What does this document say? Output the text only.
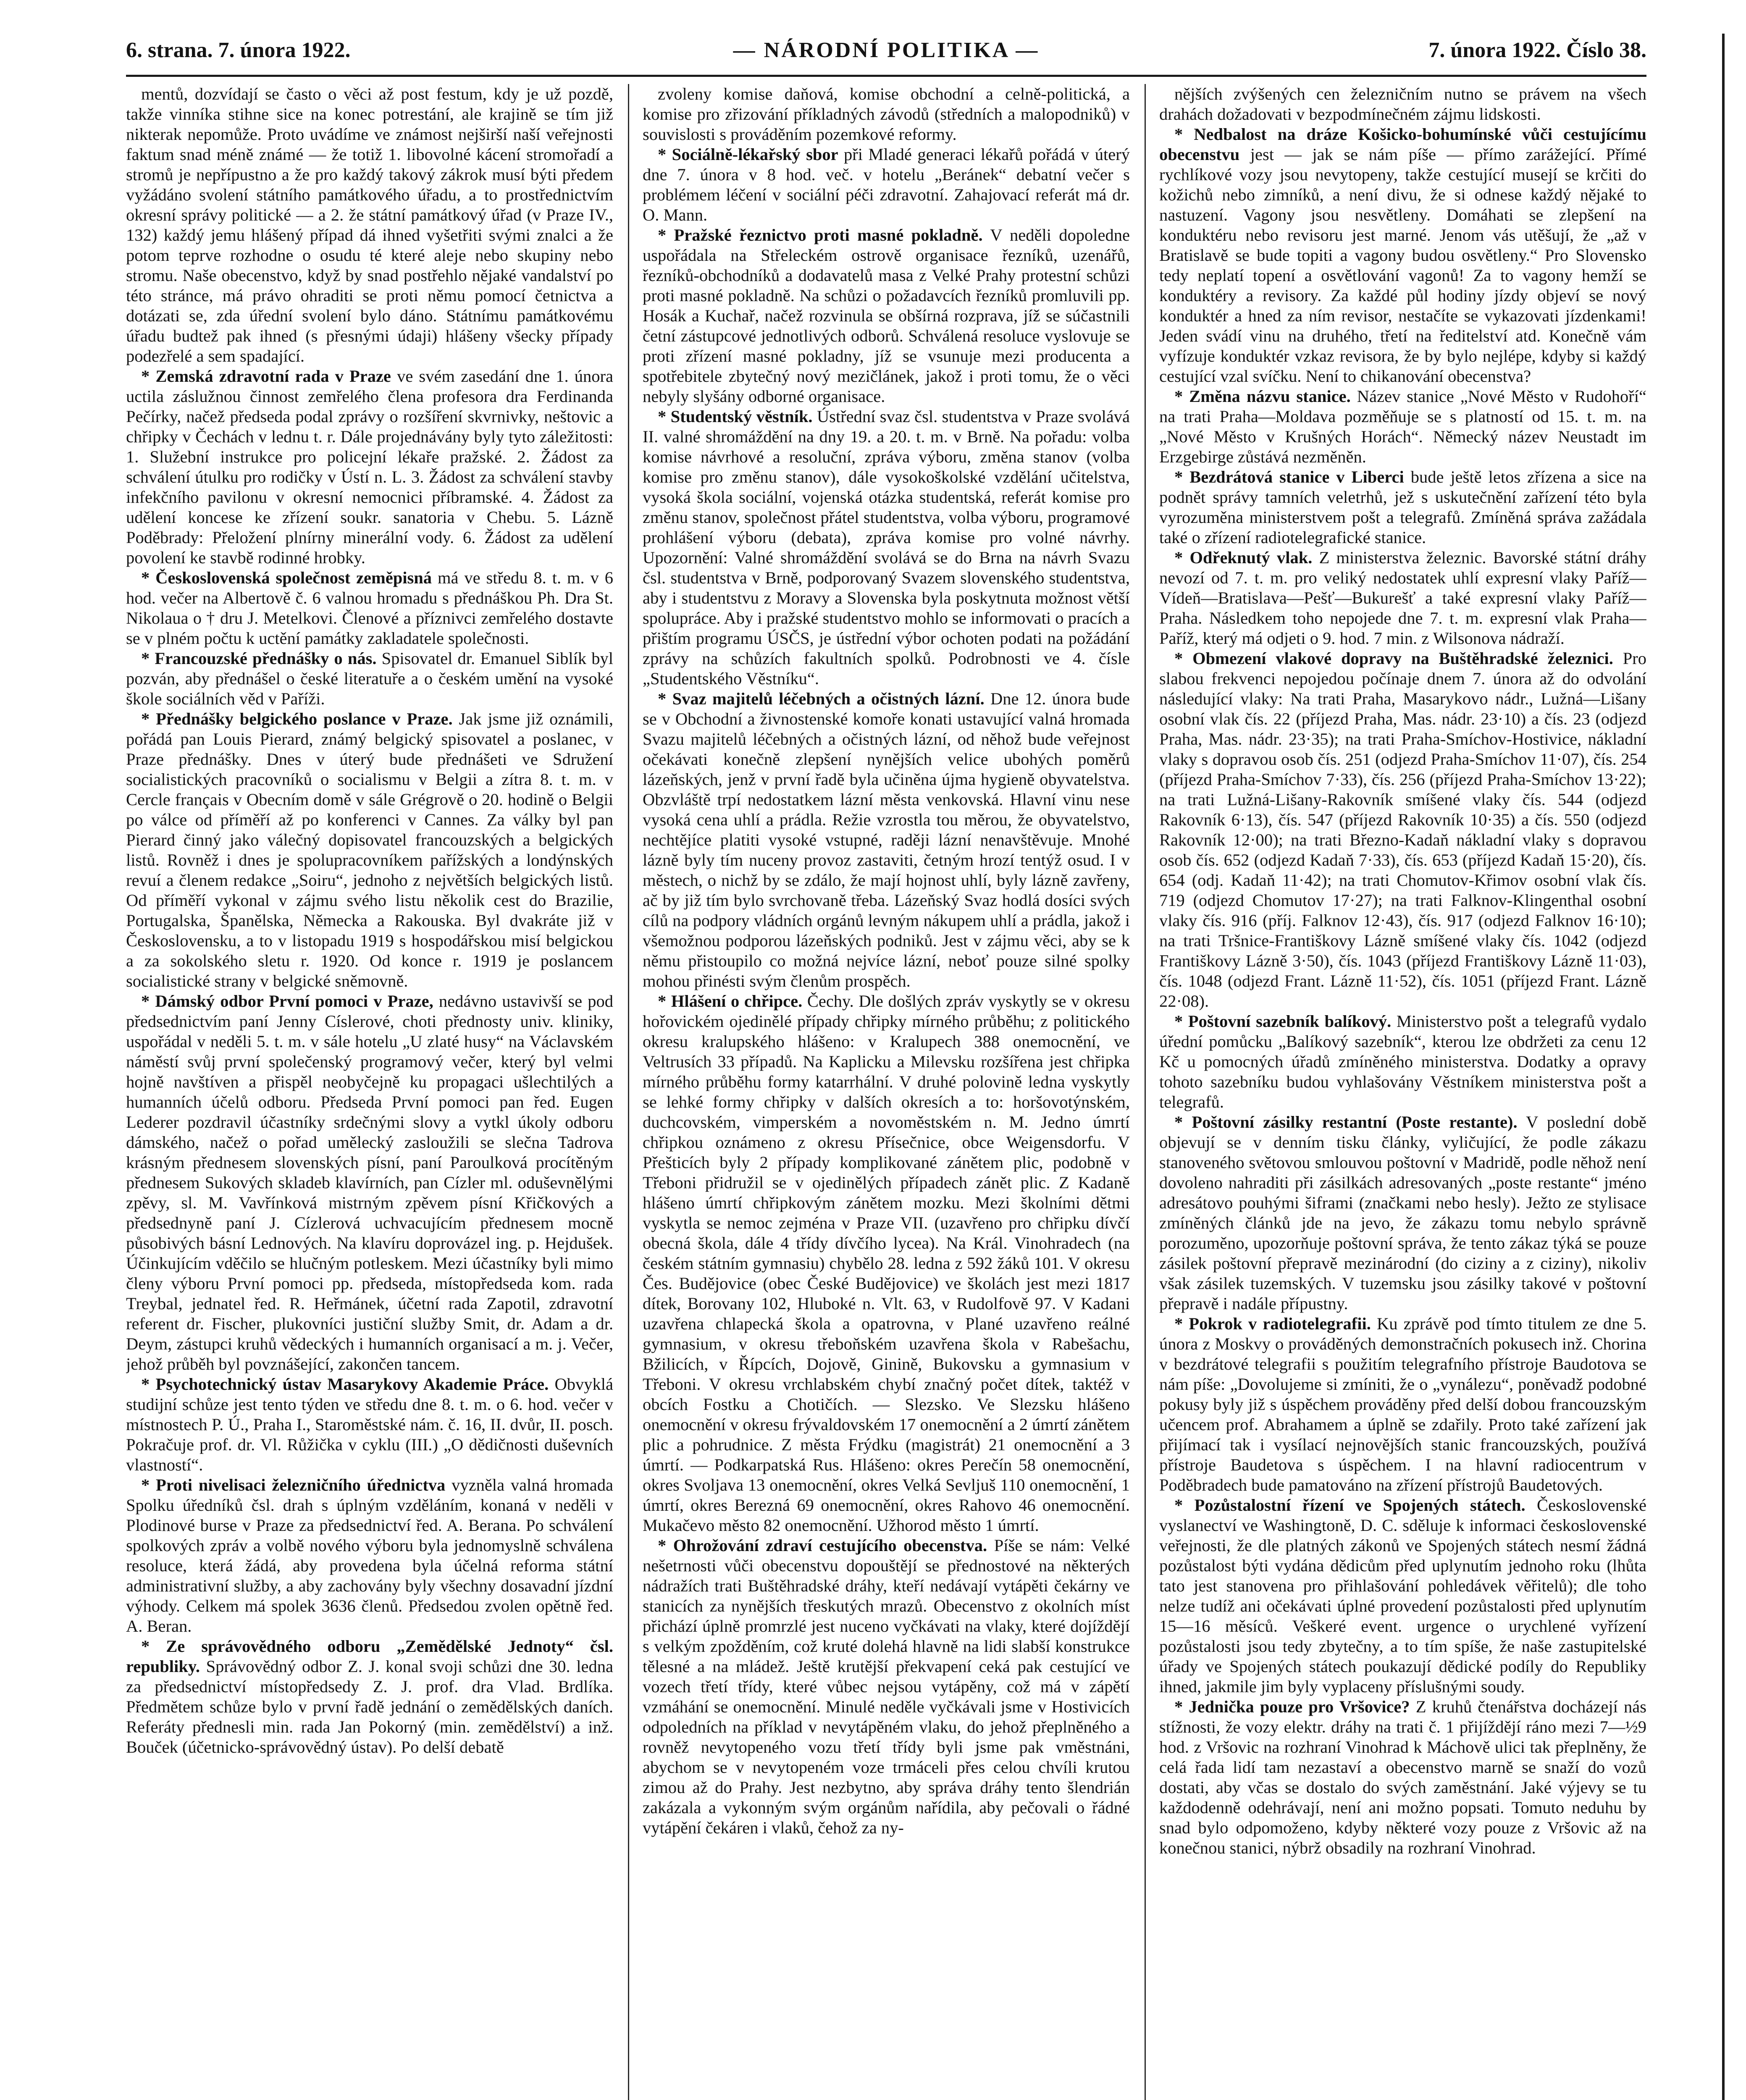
6. strana. 7. února 1922.	— NÁRODNÍ POLITIKA —	7. února 1922. Číslo 38.

mentů, dozvídají se často o věci až post festum, kdy je už pozdě, takže vinníka stihne sice na konec potrestání, ale krajině se tím již nikterak nepomůže. Proto uvádíme ve známost nejširší naší veřejnosti faktum snad méně známé — že totiž 1. libovolné kácení stromořadí a stromů je nepřípustno a že pro každý takový zákrok musí býti předem vyžádáno svolení státního památkového úřadu, a to prostřednictvím okresní správy politické — a 2. že státní památkový úřad (v Praze IV., 132) každý jemu hlášený případ dá ihned vyšetřiti svými znalci a že potom teprve rozhodne o osudu té které aleje nebo skupiny nebo stromu. Naše obecenstvo, když by snad postřehlo nějaké vandalství po této stránce, má právo ohraditi se proti němu pomocí četnictva a dotázati se, zda úřední svolení bylo dáno. Státnímu památkovému úřadu budtež pak ihned (s přesnými údaji) hlášeny všecky případy podezřelé a sem spadající.

* Zemská zdravotní rada v Praze ve svém zasedání dne 1. února uctila záslužnou činnost zemřelého člena profesora dra Ferdinanda Pečírky, načež předseda podal zprávy o rozšíření skvrnivky, neštovic a chřipky v Čechách v lednu t. r. Dále projednávány byly tyto záležitosti: 1. Služební instrukce pro policejní lékaře pražské. 2. Žádost za schválení útulku pro rodičky v Ústí n. L. 3. Žádost za schválení stavby infekčního pavilonu v okresní nemocnici příbramské. 4. Žádost za udělení koncese ke zřízení soukr. sanatoria v Chebu. 5. Lázně Poděbrady: Přeložení plnírny minerální vody. 6. Žádost za udělení povolení ke stavbě rodinné hrobky.

* Československá společnost zeměpisná má ve středu 8. t. m. v 6 hod. večer na Albertově č. 6 valnou hromadu s přednáškou Ph. Dra St. Nikolaua o † dru J. Metelkovi. Členové a příznivci zemřelého dostavte se v plném počtu k uctění památky zakladatele společnosti.

* Francouzské přednášky o nás. Spisovatel dr. Emanuel Siblík byl pozván, aby přednášel o české literatuře a o českém umění na vysoké škole sociálních věd v Paříži.

* Přednášky belgického poslance v Praze. Jak jsme již oznámili, pořádá pan Louis Pierard, známý belgický spisovatel a poslanec, v Praze přednášky. Dnes v úterý bude přednášeti ve Sdružení socialistických pracovníků o socialismu v Belgii a zítra 8. t. m. v Cercle français v Obecním domě v sále Grégrově o 20. hodině o Belgii po válce od příměří až po konferenci v Cannes. Za války byl pan Pierard činný jako válečný dopisovatel francouzských a belgických listů. Rovněž i dnes je spolupracovníkem pařížských a londýnských revuí a členem redakce „Soiru“, jednoho z největších belgických listů. Od příměří vykonal v zájmu svého listu několik cest do Brazilie, Portugalska, Španělska, Německa a Rakouska. Byl dvakráte již v Československu, a to v listopadu 1919 s hospodářskou misí belgickou a za sokolského sletu r. 1920. Od konce r. 1919 je poslancem socialistické strany v belgické sněmovně.

* Dámský odbor První pomoci v Praze, nedávno ustavivší se pod předsednictvím paní Jenny Císlerové, choti přednosty univ. kliniky, uspořádal v neděli 5. t. m. v sále hotelu „U zlaté husy“ na Václavském náměstí svůj první společenský programový večer, který byl velmi hojně navštíven a přispěl neobyčejně ku propagaci ušlechtilých a humanních účelů odboru. Předseda První pomoci pan řed. Eugen Lederer pozdravil účastníky srdečnými slovy a vytkl úkoly odboru dámského, načež o pořad umělecký zasloužili se slečna Tadrova krásným přednesem slovenských písní, paní Paroulková procítěným přednesem Sukových skladeb klavírních, pan Cízler ml. oduševnělými zpěvy, sl. M. Vavřínková mistrným zpěvem písní Křičkových a předsednyně paní J. Cízlerová uchvacujícím přednesem mocně působivých básní Lednových. Na klavíru doprovázel ing. p. Hejdušek. Účinkujícím vděčilo se hlučným potleskem. Mezi účastníky byli mimo členy výboru První pomoci pp. předseda, místopředseda kom. rada Treybal, jednatel řed. R. Heřmánek, účetní rada Zapotil, zdravotní referent dr. Fischer, plukovníci justiční služby Smit, dr. Adam a dr. Deym, zástupci kruhů vědeckých i humanních organisací a m. j. Večer, jehož průběh byl povznášející, zakončen tancem.

* Psychotechnický ústav Masarykovy Akademie Práce. Obvyklá studijní schůze jest tento týden ve středu dne 8. t. m. o 6. hod. večer v místnostech P. Ú., Praha I., Staroměstské nám. č. 16, II. dvůr, II. posch. Pokračuje prof. dr. Vl. Růžička v cyklu (III.) „O dědičnosti duševních vlastností“.

* Proti nivelisaci železničního úřednictva vyzněla valná hromada Spolku úředníků čsl. drah s úplným vzděláním, konaná v neděli v Plodinové burse v Praze za předsednictví řed. A. Berana. Po schválení spolkových zpráv a volbě nového výboru byla jednomyslně schválena resoluce, která žádá, aby provedena byla účelná reforma státní administrativní služby, a aby zachovány byly všechny dosavadní jízdní výhody. Celkem má spolek 3636 členů. Předsedou zvolen opětně řed. A. Beran.

* Ze správovědného odboru „Zemědělské Jednoty“ čsl. republiky. Správovědný odbor Z. J. konal svoji schůzi dne 30. ledna za předsednictví místopředsedy Z. J. prof. dra Vlad. Brdlíka. Předmětem schůze bylo v první řadě jednání o zemědělských daních. Referáty přednesli min. rada Jan Pokorný (min. zemědělství) a inž. Bouček (účetnicko-správovědný ústav). Po delší debatě

zvoleny komise daňová, komise obchodní a celně-politická, a komise pro zřizování příkladných závodů (středních a malopodniků) v souvislosti s prováděním pozemkové reformy.

* Sociálně-lékařský sbor při Mladé generaci lékařů pořádá v úterý dne 7. února v 8 hod. več. v hotelu „Beránek“ debatní večer s problémem léčení v sociální péči zdravotní. Zahajovací referát má dr. O. Mann.

* Pražské řeznictvo proti masné pokladně. V neděli dopoledne uspořádala na Střeleckém ostrově organisace řezníků, uzenářů, řezníků-obchodníků a dodavatelů masa z Velké Prahy protestní schůzi proti masné pokladně. Na schůzi o požadavcích řezníků promluvili pp. Hosák a Kuchař, načež rozvinula se obšírná rozprava, jíž se súčastnili četní zástupcové jednotlivých odborů. Schválená resoluce vyslovuje se proti zřízení masné pokladny, jíž se vsunuje mezi producenta a spotřebitele zbytečný nový mezičlánek, jakož i proti tomu, že o věci nebyly slyšány odborné organisace.

* Studentský věstník. Ústřední svaz čsl. studentstva v Praze svolává II. valné shromáždění na dny 19. a 20. t. m. v Brně. Na pořadu: volba komise návrhové a resoluční, zpráva výboru, změna stanov (volba komise pro změnu stanov), dále vysokoškolské vzdělání učitelstva, vysoká škola sociální, vojenská otázka studentská, referát komise pro změnu stanov, společnost přátel studentstva, volba výboru, programové prohlášení výboru (debata), zpráva komise pro volné návrhy. Upozornění: Valné shromáždění svolává se do Brna na návrh Svazu čsl. studentstva v Brně, podporovaný Svazem slovenského studentstva, aby i studentstvu z Moravy a Slovenska byla poskytnuta možnost větší spolupráce. Aby i pražské studentstvo mohlo se informovati o pracích a přištím programu ÚSČS, je ústřední výbor ochoten podati na požádání zprávy na schůzích fakultních spolků. Podrobnosti ve 4. čísle „Studentského Věstníku“.

* Svaz majitelů léčebných a očistných lázní. Dne 12. února bude se v Obchodní a živnostenské komoře konati ustavující valná hromada Svazu majitelů léčebných a očistných lázní, od něhož bude veřejnost očekávati konečně zlepšení nynějších velice ubohých poměrů lázeňských, jenž v první řadě byla učiněna újma hygieně obyvatelstva. Obzvláště trpí nedostatkem lázní města venkovská. Hlavní vinu nese vysoká cena uhlí a prádla. Režie vzrostla tou měrou, že obyvatelstvo, nechtějíce platiti vysoké vstupné, raději lázní nenavštěvuje. Mnohé lázně byly tím nuceny provoz zastaviti, četným hrozí tentýž osud. I v městech, o nichž by se zdálo, že mají hojnost uhlí, byly lázně zavřeny, ač by již tím bylo svrchovaně třeba. Lázeňský Svaz hodlá dosíci svých cílů na podpory vládních orgánů levným nákupem uhlí a prádla, jakož i všemožnou podporou lázeňských podniků. Jest v zájmu věci, aby se k němu přistoupilo co možná nejvíce lázní, neboť pouze silné spolky mohou přinésti svým členům prospěch.

* Hlášení o chřipce. Čechy. Dle došlých zpráv vyskytly se v okresu hořovickém ojedinělé případy chřipky mírného průběhu; z politického okresu kralupského hlášeno: v Kralupech 388 onemocnění, ve Veltrusích 33 případů. Na Kaplicku a Milevsku rozšířena jest chřipka mírného průběhu formy katarrhální. V druhé polovině ledna vyskytly se lehké formy chřipky v dalších okresích a to: horšovotýnském, duchcovském, vimperském a novoměstském n. M. Jedno úmrtí chřipkou oznámeno z okresu Přísečnice, obce Weigensdorfu. V Přešticích byly 2 případy komplikované zánětem plic, podobně v Třeboni přidružil se v ojedinělých případech zánět plic. Z Kadaně hlášeno úmrtí chřipkovým zánětem mozku. Mezi školními dětmi vyskytla se nemoc zejména v Praze VII. (uzavřeno pro chřipku dívčí obecná škola, dále 4 třídy dívčího lycea). Na Král. Vinohradech (na českém státním gymnasiu) chybělo 28. ledna z 592 žáků 101. V okresu Čes. Budějovice (obec České Budějovice) ve školách jest mezi 1817 dítek, Borovany 102, Hluboké n. Vlt. 63, v Rudolfově 97. V Kadani uzavřena chlapecká škola a opatrovna, v Plané uzavřeno reálné gymnasium, v okresu třeboňském uzavřena škola v Rabešachu, Bžilicích, v Řípcích, Dojově, Ginině, Bukovsku a gymnasium v Třeboni. V okresu vrchlabském chybí značný počet dítek, taktéž v obcích Fostku a Chotičích. — Slezsko. Ve Slezsku hlášeno onemocnění v okresu frývaldovském 17 onemocnění a 2 úmrtí zánětem plic a pohrudnice. Z města Frýdku (magistrát) 21 onemocnění a 3 úmrtí. — Podkarpatská Rus. Hlášeno: okres Perečín 58 onemocnění, okres Svoljava 13 onemocnění, okres Velká Sevljuš 110 onemocnění, 1 úmrtí, okres Berezná 69 onemocnění, okres Rahovo 46 onemocnění. Mukačevo město 82 onemocnění. Užhorod město 1 úmrtí.

* Ohrožování zdraví cestujícího obecenstva. Píše se nám: Velké nešetrnosti vůči obecenstvu dopouštějí se přednostové na některých nádražích trati Buštěhradské dráhy, kteří nedávají vytápěti čekárny ve stanicích za nynějších třeskutých mrazů. Obecenstvo z okolních míst přichází úplně promrzlé jest nuceno vyčkávati na vlaky, které dojíždějí s velkým zpožděním, což kruté dolehá hlavně na lidi slabší konstrukce tělesné a na mládež. Ještě krutější překvapení ceká pak cestující ve vozech třetí třídy, které vůbec nejsou vytápěny, což má v zápětí vzmáhání se onemocnění. Minulé neděle vyčkávali jsme v Hostivicích odpoledních na příklad v nevytápěném vlaku, do jehož přeplněného a rovněž nevytopeného vozu třetí třídy byli jsme pak vměstnáni, abychom se v nevytopeném voze trmáceli přes celou chvíli krutou zimou až do Prahy. Jest nezbytno, aby správa dráhy tento šlendrián zakázala a vykonným svým orgánům nařídila, aby pečovali o řádné vytápění čekáren i vlaků, čehož za ny-

nějších zvýšených cen železničním nutno se právem na všech drahách dožadovati v bezpodmínečném zájmu lidskosti.

* Nedbalost na dráze Košicko-bohumínské vůči cestujícímu obecenstvu jest — jak se nám píše — přímo zarážející. Přímé rychlíkové vozy jsou nevytopeny, takže cestující musejí se krčiti do kožichů nebo zimníků, a není divu, že si odnese každý nějaké to nastuzení. Vagony jsou nesvětleny. Domáhati se zlepšení na konduktéru nebo revisoru jest marné. Jenom vás utěšují, že „až v Bratislavě se bude topiti a vagony budou osvětleny.“ Pro Slovensko tedy neplatí topení a osvětlování vagonů! Za to vagony hemží se konduktéry a revisory. Za každé půl hodiny jízdy objeví se nový konduktér a hned za ním revisor, nestačíte se vykazovati jízdenkami! Jeden svádí vinu na druhého, třetí na ředitelství atd. Konečně vám vyfízuje konduktér vzkaz revisora, že by bylo nejlépe, kdyby si každý cestující vzal svíčku. Není to chikanování obecenstva?

* Změna názvu stanice. Název stanice „Nové Město v Rudohoří“ na trati Praha—Moldava pozměňuje se s platností od 15. t. m. na „Nové Město v Krušných Horách“. Německý název Neustadt im Erzgebirge zůstává nezměněn.

* Bezdrátová stanice v Liberci bude ještě letos zřízena a sice na podnět správy tamních veletrhů, jež s uskutečnění zařízení této byla vyrozuměna ministerstvem pošt a telegrafů. Zmíněná správa zažádala také o zřízení radiotelegrafické stanice.

* Odřeknutý vlak. Z ministerstva železnic. Bavorské státní dráhy nevozí od 7. t. m. pro veliký nedostatek uhlí expresní vlaky Paříž—Vídeň—Bratislava—Pešť—Bukurešť a také expresní vlaky Paříž—Praha. Následkem toho nepojede dne 7. t. m. expresní vlak Praha—Paříž, který má odjeti o 9. hod. 7 min. z Wilsonova nádraží.

* Obmezení vlakové dopravy na Buštěhradské železnici. Pro slabou frekvenci nepojedou počínaje dnem 7. února až do odvolání následující vlaky: Na trati Praha, Masarykovo nádr., Lužná—Lišany osobní vlak čís. 22 (příjezd Praha, Mas. nádr. 23·10) a čís. 23 (odjezd Praha, Mas. nádr. 23·35); na trati Praha-Smíchov-Hostivice, nákladní vlaky s dopravou osob čís. 251 (odjezd Praha-Smíchov 11·07), čís. 254 (příjezd Praha-Smíchov 7·33), čís. 256 (příjezd Praha-Smíchov 13·22); na trati Lužná-Lišany-Rakovník smíšené vlaky čís. 544 (odjezd Rakovník 6·13), čís. 547 (příjezd Rakovník 10·35) a čís. 550 (odjezd Rakovník 12·00); na trati Březno-Kadaň nákladní vlaky s dopravou osob čís. 652 (odjezd Kadaň 7·33), čís. 653 (příjezd Kadaň 15·20), čís. 654 (odj. Kadaň 11·42); na trati Chomutov-Křimov osobní vlak čís. 719 (odjezd Chomutov 17·27); na trati Falknov-Klingenthal osobní vlaky čís. 916 (příj. Falknov 12·43), čís. 917 (odjezd Falknov 16·10); na trati Tršnice-Františkovy Lázně smíšené vlaky čís. 1042 (odjezd Františkovy Lázně 3·50), čís. 1043 (příjezd Františkovy Lázně 11·03), čís. 1048 (odjezd Frant. Lázně 11·52), čís. 1051 (příjezd Frant. Lázně 22·08).

* Poštovní sazebník balíkový. Ministerstvo pošt a telegrafů vydalo úřední pomůcku „Balíkový sazebník“, kterou lze obdržeti za cenu 12 Kč u pomocných úřadů zmíněného ministerstva. Dodatky a opravy tohoto sazebníku budou vyhlašovány Věstníkem ministerstva pošt a telegrafů.

* Poštovní zásilky restantní (Poste restante). V poslední době objevují se v denním tisku články, vyličující, že podle zákazu stanoveného světovou smlouvou poštovní v Madridě, podle něhož není dovoleno nahraditi při zásilkách adresovaných „poste restante“ jméno adresátovo pouhými šiframi (značkami nebo hesly). Ježto ze stylisace zmíněných článků jde na jevo, že zákazu tomu nebylo správně porozuměno, upozorňuje poštovní správa, že tento zákaz týká se pouze zásilek poštovní přepravě mezinárodní (do ciziny a z ciziny), nikoliv však zásilek tuzemských. V tuzemsku jsou zásilky takové v poštovní přepravě i nadále přípustny.

* Pokrok v radiotelegrafii. Ku zprávě pod tímto titulem ze dne 5. února z Moskvy o prováděných demonstračních pokusech inž. Chorina v bezdrátové telegrafii s použitím telegrafního přístroje Baudotova se nám píše: „Dovolujeme si zmíniti, že o „vynálezu“, poněvadž podobné pokusy byly již s úspěchem prováděny před delší dobou francouzským učencem prof. Abrahamem a úplně se zdařily. Proto také zařízení jak přijímací tak i vysílací nejnovějších stanic francouzských, používá přístroje Baudetova s úspěchem. I na hlavní radiocentrum v Poděbradech bude pamatováno na zřízení přístrojů Baudetových.

* Pozůstalostní řízení ve Spojených státech. Československé vyslanectví ve Washingtoně, D. C. sděluje k informaci československé veřejnosti, že dle platných zákonů ve Spojených státech nesmí žádná pozůstalost býti vydána dědicům před uplynutím jednoho roku (lhůta tato jest stanovena pro přihlašování pohledávek věřitelů); dle toho nelze tudíž ani očekávati úplné provedení pozůstalosti před uplynutím 15—16 měsíců. Veškeré event. urgence o urychlené vyřízení pozůstalosti jsou tedy zbytečny, a to tím spíše, že naše zastupitelské úřady ve Spojených státech poukazují dědické podíly do Republiky ihned, jakmile jim byly vyplaceny příslušnými soudy.

* Jednička pouze pro Vršovice? Z kruhů čtenářstva docházejí nás stížnosti, že vozy elektr. dráhy na trati č. 1 přijíždějí ráno mezi 7—½9 hod. z Vršovic na rozhraní Vinohrad k Máchově ulici tak přeplněny, že celá řada lidí tam nezastaví a obecenstvo marně se snaží do vozů dostati, aby včas se dostalo do svých zaměstnání. Jaké výjevy se tu každodenně odehrávají, není ani možno popsati. Tomuto neduhu by snad bylo odpomoženo, kdyby některé vozy pouze z Vršovic až na konečnou stanici, nýbrž obsadily na rozhraní Vinohrad.
